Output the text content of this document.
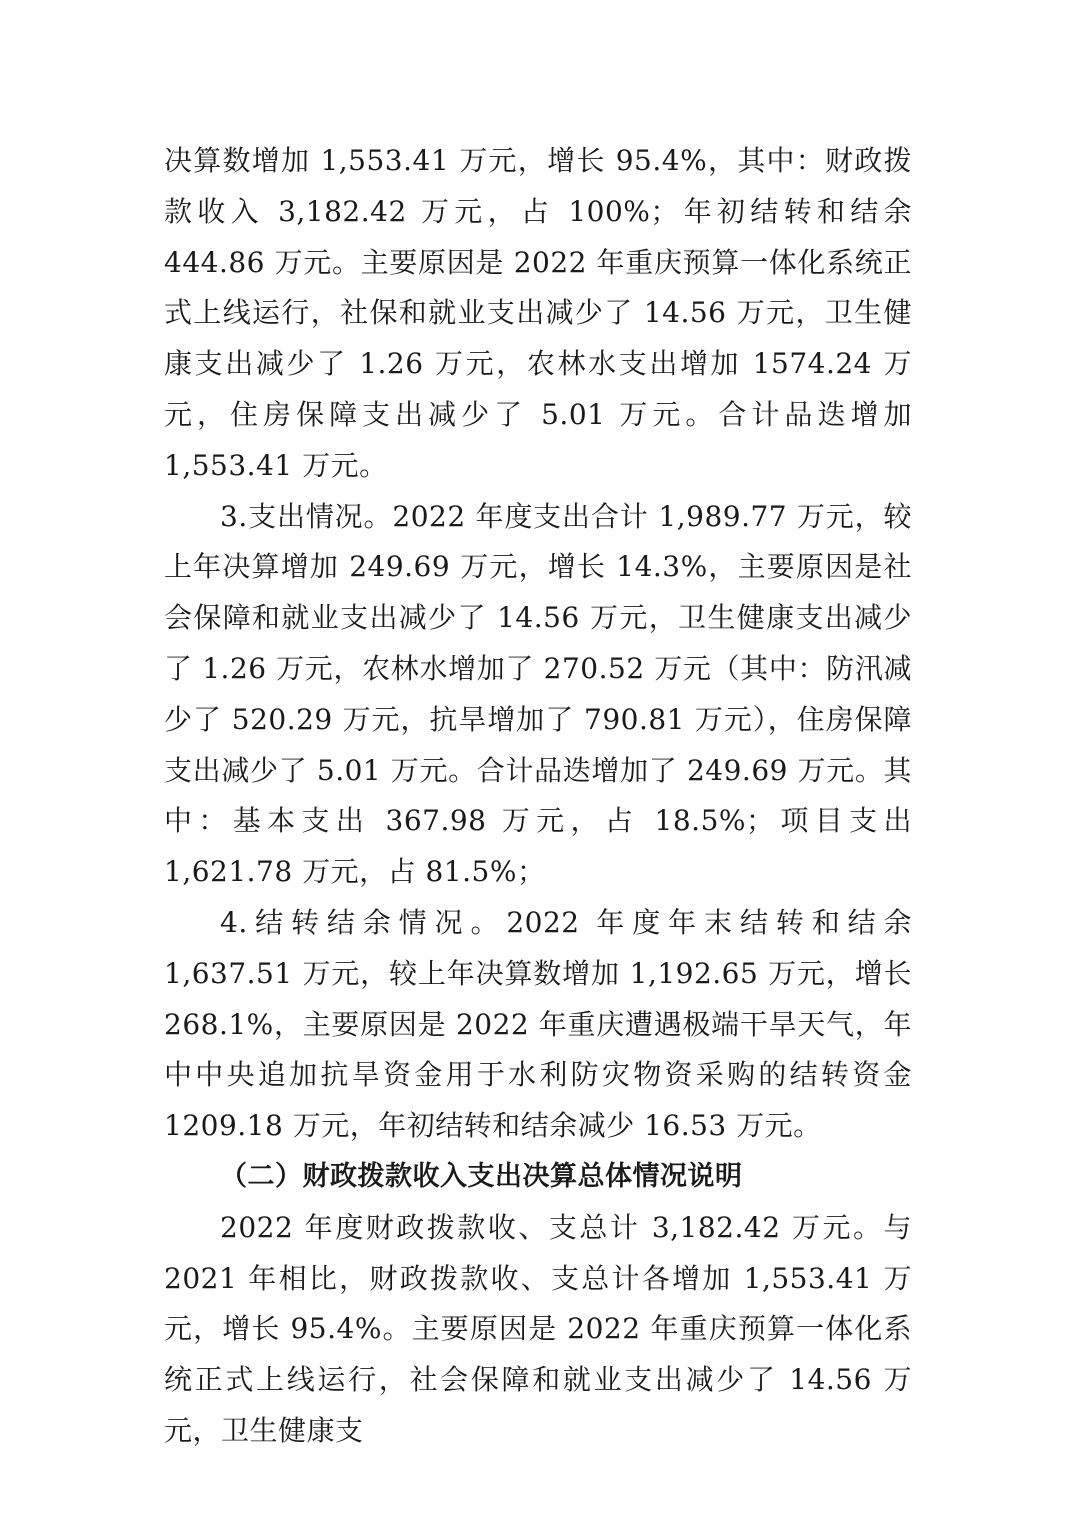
决算数增加 1,553.41 万元，增长 95.4%，其中：财政拨款收入 3,182.42 万元，占 100%；年初结转和结余 444.86 万元。主要原因是 2022 年重庆预算一体化系统正式上线运行，社保和就业支出减少了 14.56 万元，卫生健康支出减少了 1.26 万元，农林水支出增加 1574.24 万元，住房保障支出减少了 5.01 万元。合计品迭增加 1,553.41 万元。

3.支出情况。2022 年度支出合计 1,989.77 万元，较上年决算增加 249.69 万元，增长 14.3%，主要原因是社会保障和就业支出减少了 14.56 万元，卫生健康支出减少了 1.26 万元，农林水增加了 270.52 万元（其中：防汛减少了 520.29 万元，抗旱增加了 790.81 万元），住房保障支出减少了 5.01 万元。合计品迭增加了 249.69 万元。其中：基本支出 367.98 万元，占 18.5%；项目支出 1,621.78 万元，占 81.5%；

4.结转结余情况。2022 年度年末结转和结余 1,637.51 万元，较上年决算数增加 1,192.65 万元，增长 268.1%，主要原因是 2022 年重庆遭遇极端干旱天气，年中中央追加抗旱资金用于水利防灾物资采购的结转资金 1209.18 万元，年初结转和结余减少 16.53 万元。

（二）财政拨款收入支出决算总体情况说明

2022 年度财政拨款收、支总计 3,182.42 万元。与 2021 年相比，财政拨款收、支总计各增加 1,553.41 万元，增长 95.4%。主要原因是 2022 年重庆预算一体化系统正式上线运行，社会保障和就业支出减少了 14.56 万元，卫生健康支
